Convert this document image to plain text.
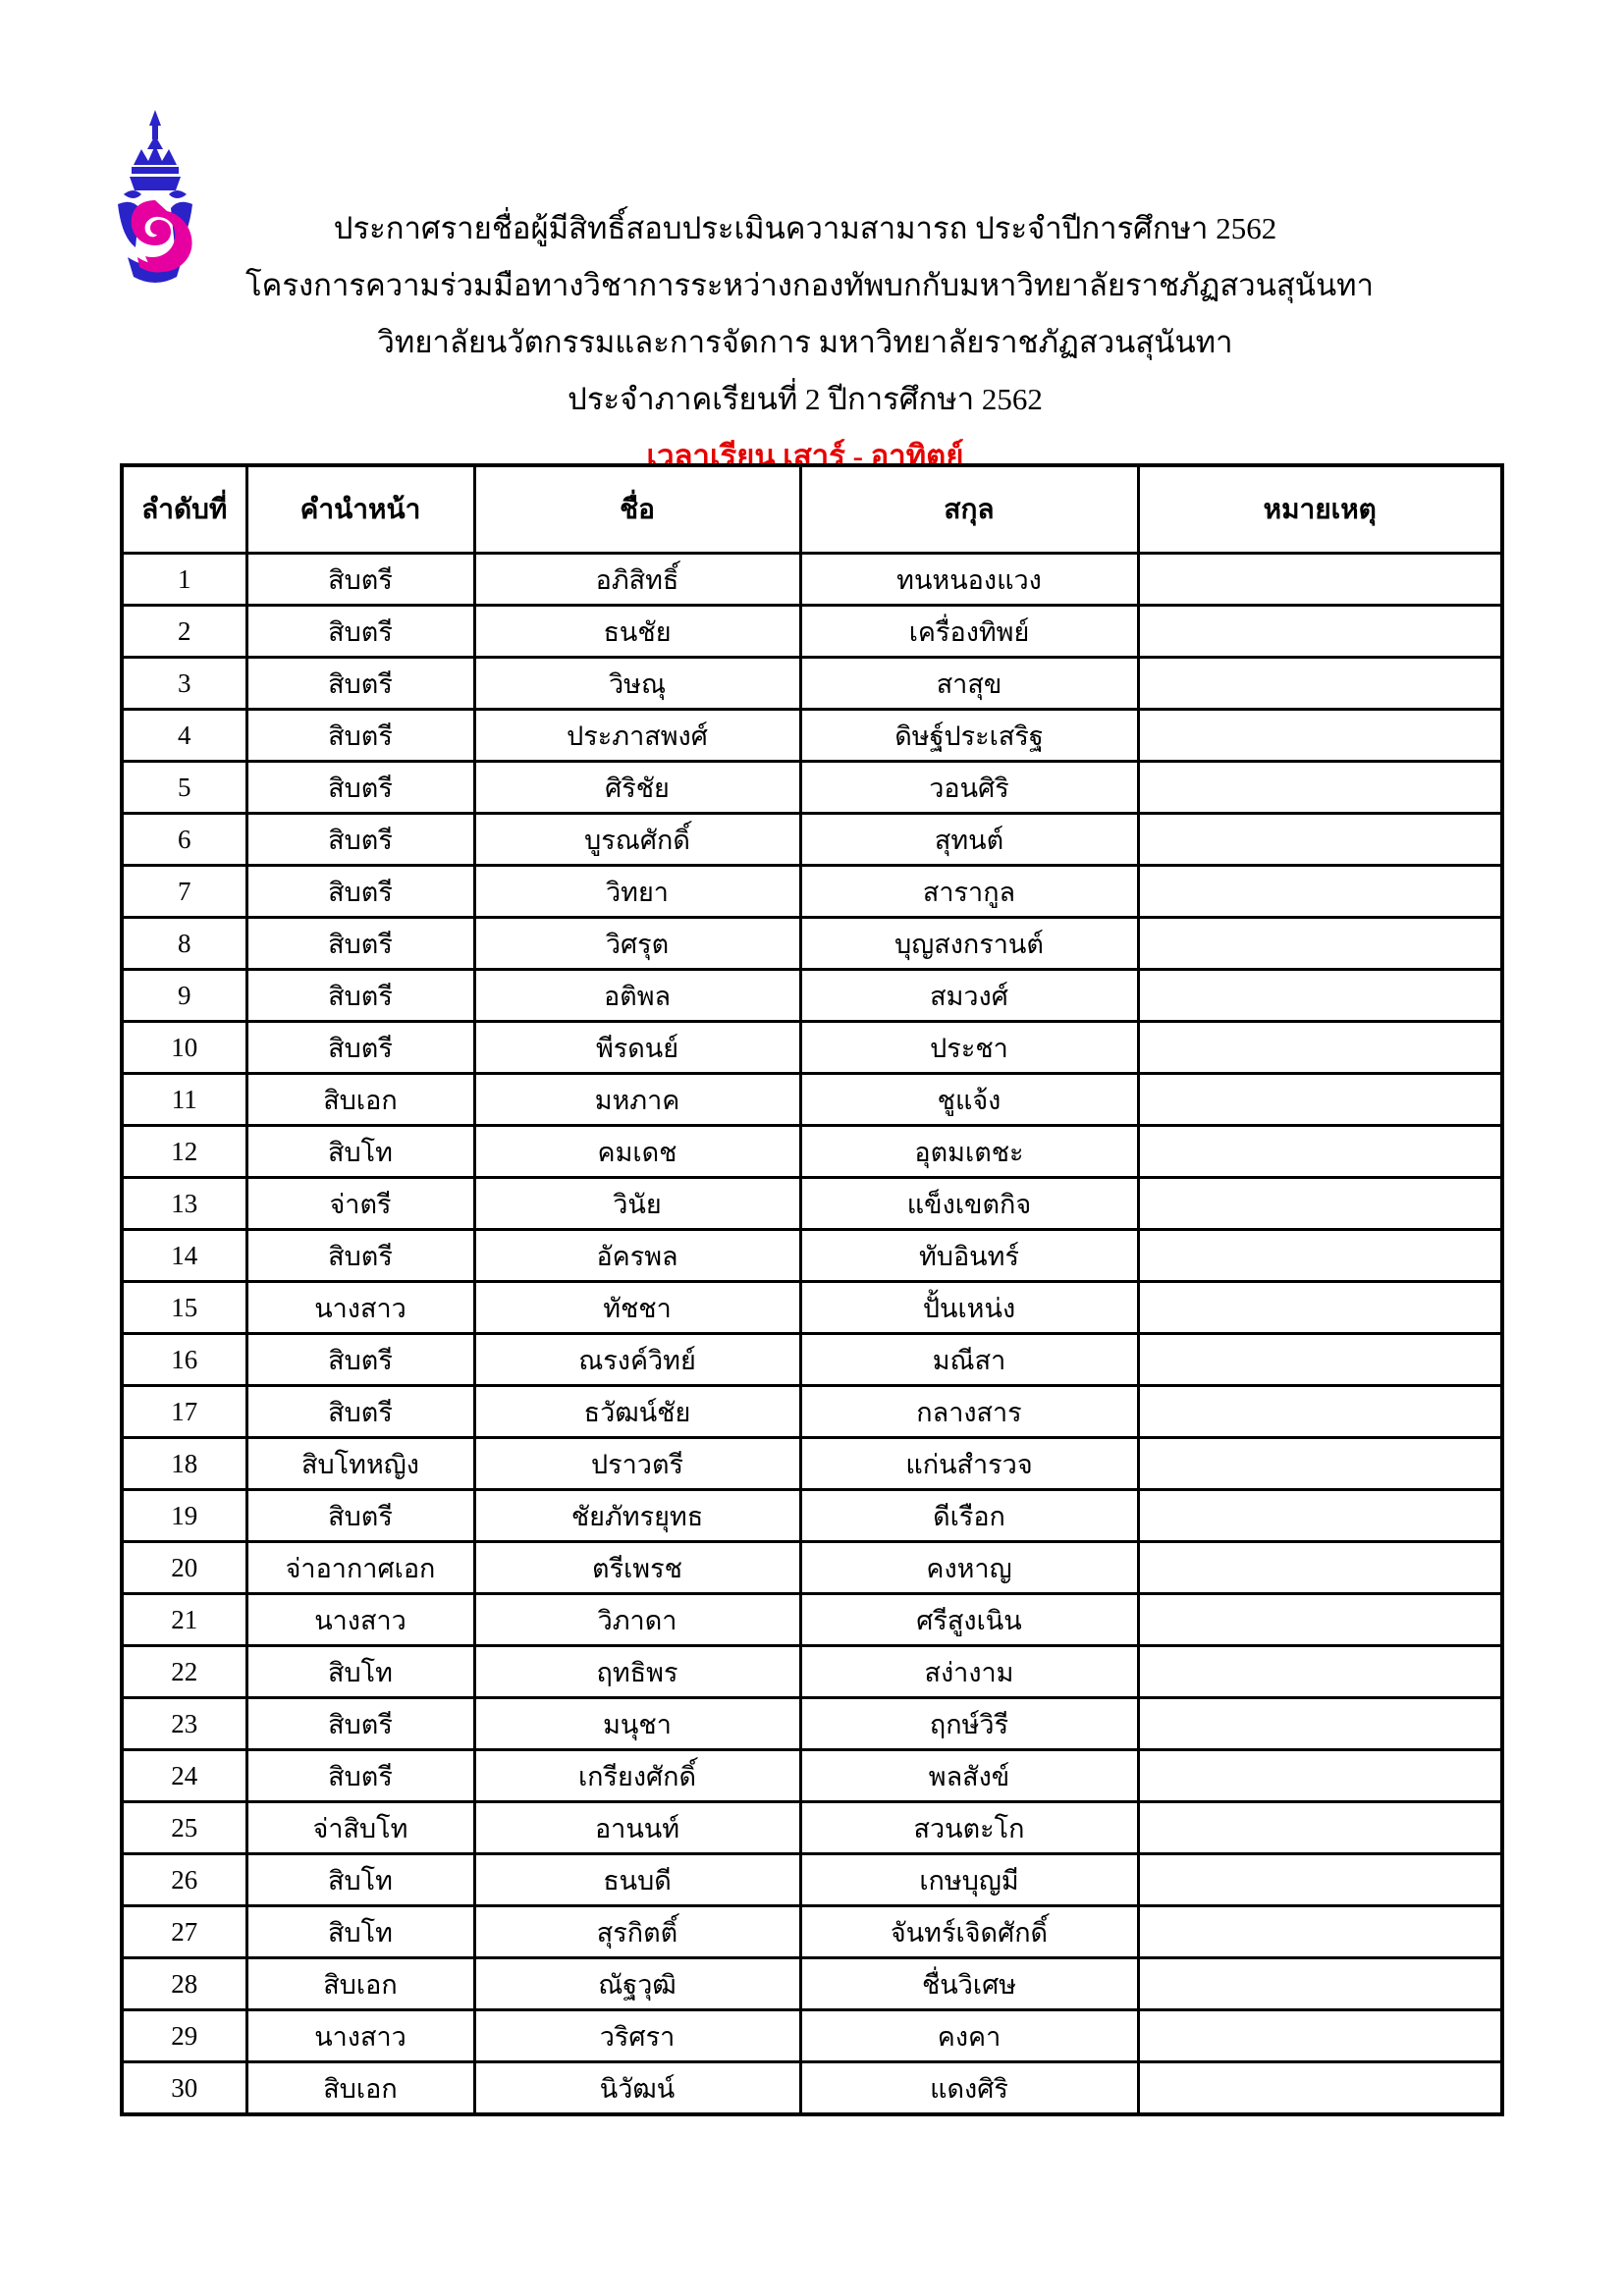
ประกาศรายชื่อผู้มีสิทธิ์สอบประเมินความสามารถ ประจำปีการศึกษา 2562
โครงการความร่วมมือทางวิชาการระหว่างกองทัพบกกับมหาวิทยาลัยราชภัฏสวนสุนันทา
วิทยาลัยนวัตกรรมและการจัดการ มหาวิทยาลัยราชภัฏสวนสุนันทา
ประจำภาคเรียนที่ 2 ปีการศึกษา 2562
เวลาเรียน เสาร์ - อาทิตย์
ลำดับที่	คำนำหน้า	ชื่อ	สกุล	หมายเหตุ
1	สิบตรี	อภิสิทธิ์	ทนหนองแวง	
2	สิบตรี	ธนชัย	เครื่องทิพย์	
3	สิบตรี	วิษณุ	สาสุข	
4	สิบตรี	ประภาสพงศ์	ดิษฐ์ประเสริฐ	
5	สิบตรี	ศิริชัย	วอนศิริ	
6	สิบตรี	บูรณศักดิ์	สุทนต์	
7	สิบตรี	วิทยา	สารากูล	
8	สิบตรี	วิศรุต	บุญสงกรานต์	
9	สิบตรี	อติพล	สมวงศ์	
10	สิบตรี	พีรดนย์	ประชา	
11	สิบเอก	มหภาค	ชูแจ้ง	
12	สิบโท	คมเดช	อุตมเตชะ	
13	จ่าตรี	วินัย	แข็งเขตกิจ	
14	สิบตรี	อัครพล	ทับอินทร์	
15	นางสาว	ทัชชา	ปั้นเหน่ง	
16	สิบตรี	ณรงค์วิทย์	มณีสา	
17	สิบตรี	ธวัฒน์ชัย	กลางสาร	
18	สิบโทหญิง	ปราวตรี	แก่นสำรวจ	
19	สิบตรี	ชัยภัทรยุทธ	ดีเรือก	
20	จ่าอากาศเอก	ตรีเพรช	คงหาญ	
21	นางสาว	วิภาดา	ศรีสูงเนิน	
22	สิบโท	ฤทธิพร	สง่างาม	
23	สิบตรี	มนุชา	ฤกษ์วิรี	
24	สิบตรี	เกรียงศักดิ์	พลสังข์	
25	จ่าสิบโท	อานนท์	สวนตะโก	
26	สิบโท	ธนบดี	เกษบุญมี	
27	สิบโท	สุรกิตติ์	จันทร์เจิดศักดิ์	
28	สิบเอก	ณัฐวุฒิ	ชื่นวิเศษ	
29	นางสาว	วริศรา	คงคา	
30	สิบเอก	นิวัฒน์	แดงศิริ	
